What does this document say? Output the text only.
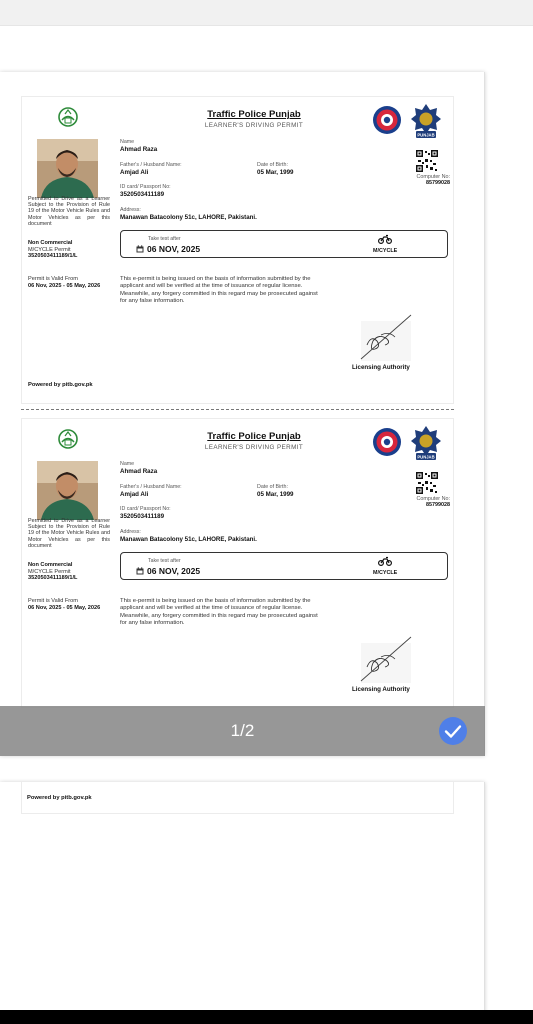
Traffic Police Punjab
LEARNER'S DRIVING PERMIT
PUNJAB
Name
Ahmad Raza
Father's / Husband Name:
Amjad Ali
Date of Birth:
05 Mar, 1999
ID card/ Passport No:
3520503411189
Address:
Manawan Batacolony 51c, LAHORE, Pakistani.
Computer No:
85799028
Permitted to Drive as a Learner Subject to the Provision of Rule 19 of the Motor Vehicle Rules and Motor Vehicles as per this document
Non Commercial
M/CYCLE Permit
3520503411189/1/L
Permit is Valid From
06 Nov, 2025 - 05 May, 2026
Take test after
06 NOV, 2025	M/CYCLE
This e-permit is being issued on the basis of information submitted by the applicant and will be verified at the time of issuance of regular license. Meanwhile, any forgery committed in this regard may be prosecuted against for any false information.
Licensing Authority
Powered by pitb.gov.pk
Traffic Police Punjab
LEARNER'S DRIVING PERMIT
PUNJAB
Name
Ahmad Raza
Father's / Husband Name:
Amjad Ali
Date of Birth:
05 Mar, 1999
ID card/ Passport No:
3520503411189
Address:
Manawan Batacolony 51c, LAHORE, Pakistani.
Computer No:
85799028
Permitted to Drive as a Learner Subject to the Provision of Rule 19 of the Motor Vehicle Rules and Motor Vehicles as per this document
Non Commercial
M/CYCLE Permit
3520503411189/1/L
Permit is Valid From
06 Nov, 2025 - 05 May, 2026
Take test after
06 NOV, 2025	M/CYCLE
This e-permit is being issued on the basis of information submitted by the applicant and will be verified at the time of issuance of regular license. Meanwhile, any forgery committed in this regard may be prosecuted against for any false information.
Licensing Authority
1/2
Powered by pitb.gov.pk
